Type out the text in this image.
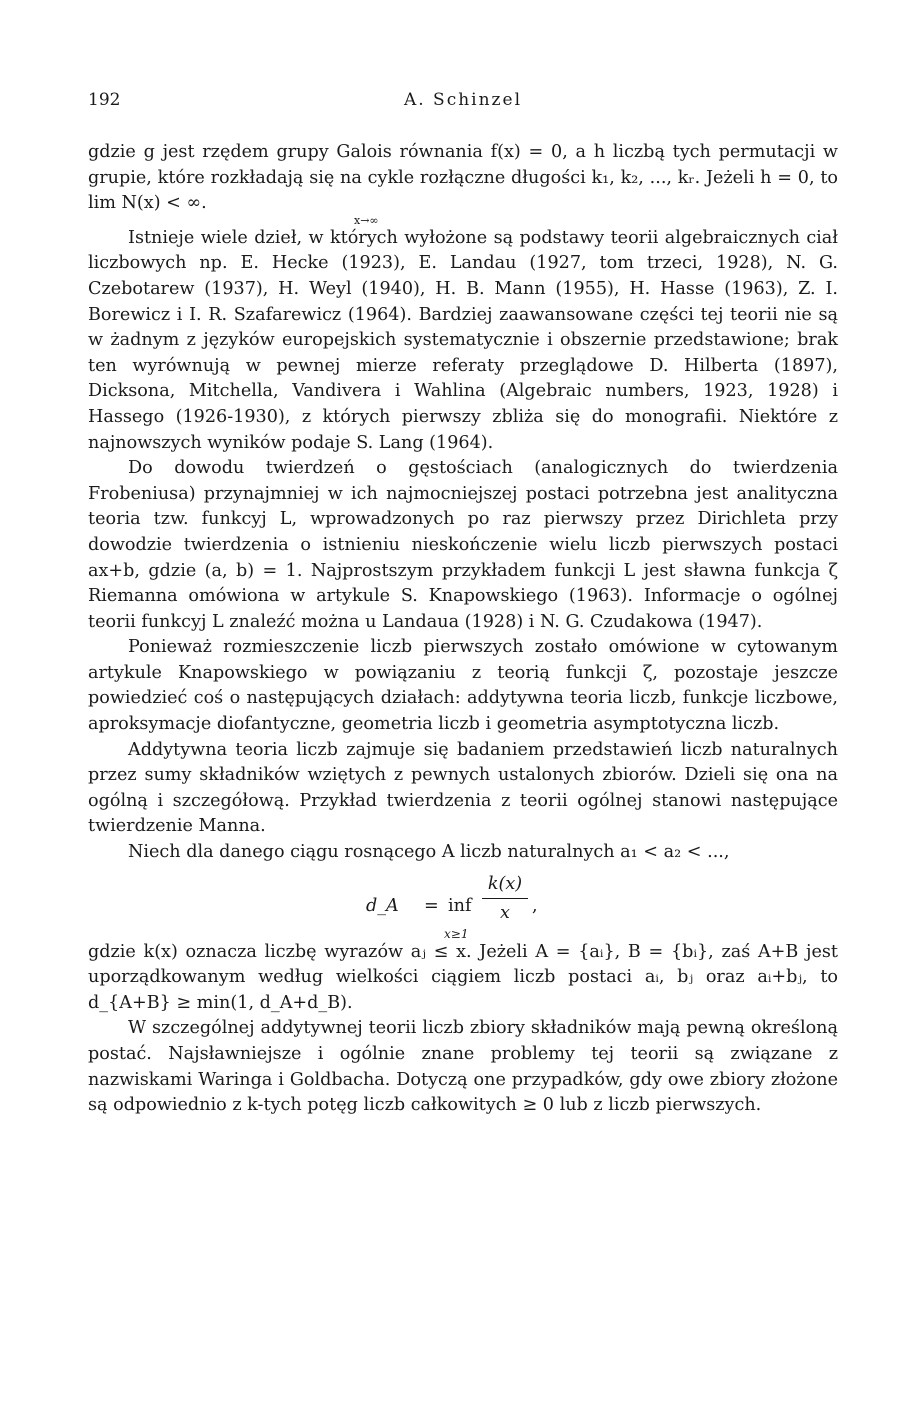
192	A. Schinzel

gdzie g jest rzędem grupy Galois równania f(x) = 0, a h liczbą tych permutacji w grupie, które rozkładają się na cykle rozłączne długości k₁, k₂, ..., kᵣ. Jeżeli h = 0, to lim N(x) < ∞.
x→∞

Istnieje wiele dzieł, w których wyłożone są podstawy teorii algebraicznych ciał liczbowych np. E. Hecke (1923), E. Landau (1927, tom trzeci, 1928), N. G. Czebotarew (1937), H. Weyl (1940), H. B. Mann (1955), H. Hasse (1963), Z. I. Borewicz i I. R. Szafarewicz (1964). Bardziej zaawansowane części tej teorii nie są w żadnym z języków europejskich systematycznie i obszernie przedstawione; brak ten wyrównują w pewnej mierze referaty przeglądowe D. Hilberta (1897), Dicksona, Mitchella, Vandivera i Wahlina (Algebraic numbers, 1923, 1928) i Hassego (1926-1930), z których pierwszy zbliża się do monografii. Niektóre z najnowszych wyników podaje S. Lang (1964).

Do dowodu twierdzeń o gęstościach (analogicznych do twierdzenia Frobeniusa) przynajmniej w ich najmocniejszej postaci potrzebna jest analityczna teoria tzw. funkcyj L, wprowadzonych po raz pierwszy przez Dirichleta przy dowodzie twierdzenia o istnieniu nieskończenie wielu liczb pierwszych postaci ax+b, gdzie (a, b) = 1. Najprostszym przykładem funkcji L jest sławna funkcja ζ Riemanna omówiona w artykule S. Knapowskiego (1963). Informacje o ogólnej teorii funkcyj L znaleźć można u Landaua (1928) i N. G. Czudakowa (1947).

Ponieważ rozmieszczenie liczb pierwszych zostało omówione w cytowanym artykule Knapowskiego w powiązaniu z teorią funkcji ζ, pozostaje jeszcze powiedzieć coś o następujących działach: addytywna teoria liczb, funkcje liczbowe, aproksymacje diofantyczne, geometria liczb i geometria asymptotyczna liczb.

Addytywna teoria liczb zajmuje się badaniem przedstawień liczb naturalnych przez sumy składników wziętych z pewnych ustalonych zbiorów. Dzieli się ona na ogólną i szczegółową. Przykład twierdzenia z teorii ogólnej stanowi następujące twierdzenie Manna.

Niech dla danego ciągu rosnącego A liczb naturalnych a₁ < a₂ < ...,

d_A = inf
x≥1
k(x)
x	,

gdzie k(x) oznacza liczbę wyrazów aⱼ ≤ x. Jeżeli A = {aᵢ}, B = {bᵢ}, zaś A+B jest uporządkowanym według wielkości ciągiem liczb postaci aᵢ, bⱼ oraz aᵢ+bⱼ, to d_{A+B} ≥ min(1, d_A+d_B).

W szczególnej addytywnej teorii liczb zbiory składników mają pewną określoną postać. Najsławniejsze i ogólnie znane problemy tej teorii są związane z nazwiskami Waringa i Goldbacha. Dotyczą one przypadków, gdy owe zbiory złożone są odpowiednio z k-tych potęg liczb całkowitych ≥ 0 lub z liczb pierwszych.
